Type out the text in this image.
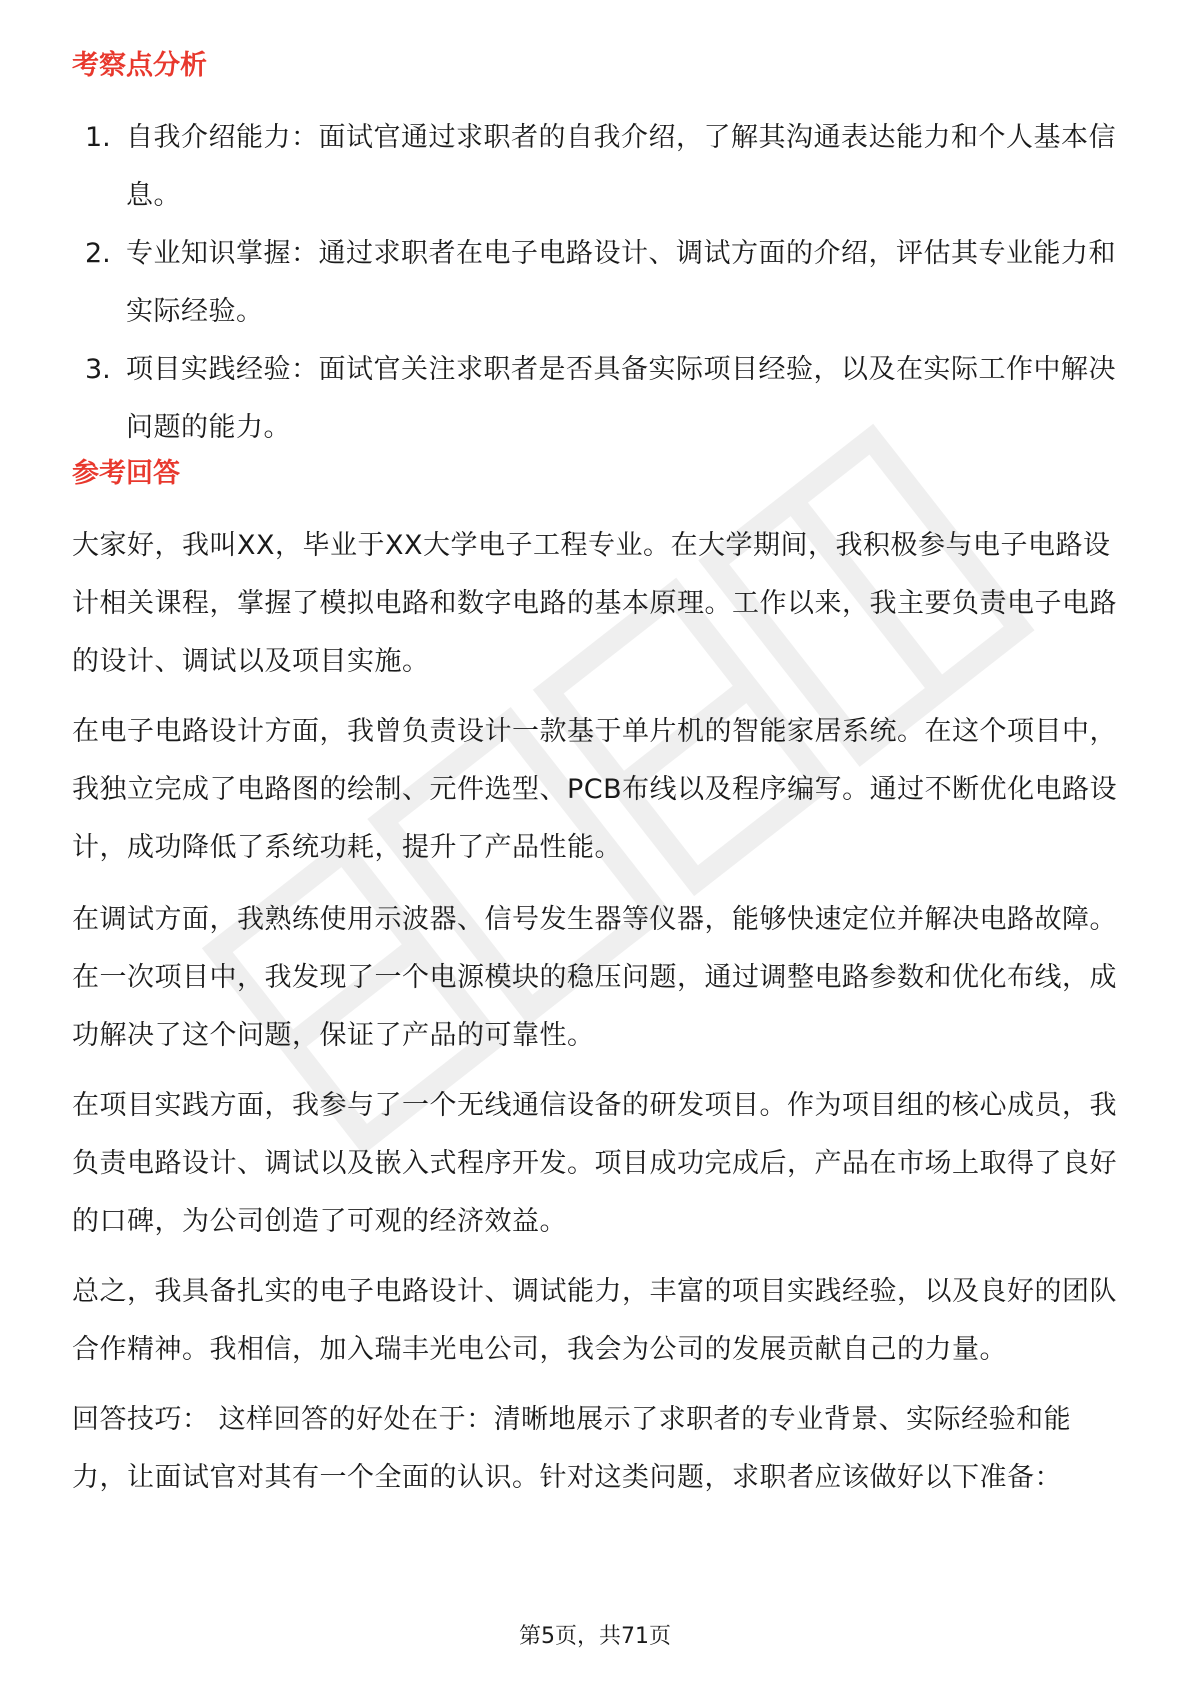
考察点分析
1. 自我介绍能力：面试官通过求职者的自我介绍，了解其沟通表达能力和个人基本信息。
2. 专业知识掌握：通过求职者在电子电路设计、调试方面的介绍，评估其专业能力和实际经验。
3. 项目实践经验：面试官关注求职者是否具备实际项目经验，以及在实际工作中解决问题的能力。
参考回答

大家好，我叫XX，毕业于XX大学电子工程专业。在大学期间，我积极参与电子电路设计相关课程，掌握了模拟电路和数字电路的基本原理。工作以来，我主要负责电子电路的设计、调试以及项目实施。

在电子电路设计方面，我曾负责设计一款基于单片机的智能家居系统。在这个项目中，我独立完成了电路图的绘制、元件选型、PCB布线以及程序编写。通过不断优化电路设计，成功降低了系统功耗，提升了产品性能。

在调试方面，我熟练使用示波器、信号发生器等仪器，能够快速定位并解决电路故障。在一次项目中，我发现了一个电源模块的稳压问题，通过调整电路参数和优化布线，成功解决了这个问题，保证了产品的可靠性。

在项目实践方面，我参与了一个无线通信设备的研发项目。作为项目组的核心成员，我负责电路设计、调试以及嵌入式程序开发。项目成功完成后，产品在市场上取得了良好的口碑，为公司创造了可观的经济效益。

总之，我具备扎实的电子电路设计、调试能力，丰富的项目实践经验，以及良好的团队合作精神。我相信，加入瑞丰光电公司，我会为公司的发展贡献自己的力量。

回答技巧： 这样回答的好处在于：清晰地展示了求职者的专业背景、实际经验和能力，让面试官对其有一个全面的认识。针对这类问题，求职者应该做好以下准备：

第5页，共71页
